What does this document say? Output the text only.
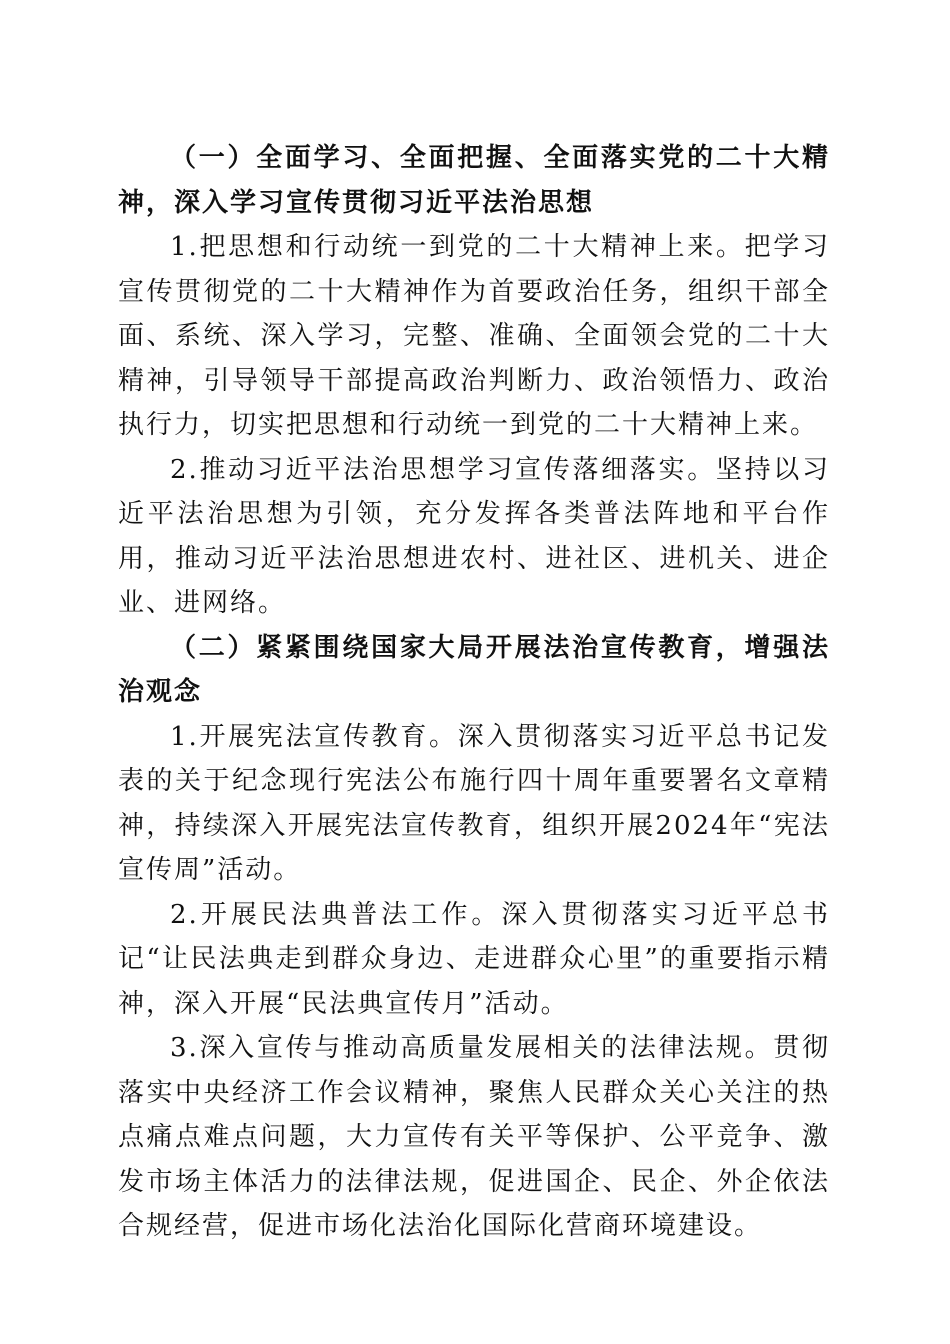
（一）全面学习、全面把握、全面落实党的二十大精神，深入学习宣传贯彻习近平法治思想

1.把思想和行动统一到党的二十大精神上来。把学习宣传贯彻党的二十大精神作为首要政治任务，组织干部全面、系统、深入学习，完整、准确、全面领会党的二十大精神，引导领导干部提高政治判断力、政治领悟力、政治执行力，切实把思想和行动统一到党的二十大精神上来。

2.推动习近平法治思想学习宣传落细落实。坚持以习近平法治思想为引领，充分发挥各类普法阵地和平台作用，推动习近平法治思想进农村、进社区、进机关、进企业、进网络。

（二）紧紧围绕国家大局开展法治宣传教育，增强法治观念

1.开展宪法宣传教育。深入贯彻落实习近平总书记发表的关于纪念现行宪法公布施行四十周年重要署名文章精神，持续深入开展宪法宣传教育，组织开展2024年“宪法宣传周”活动。

2.开展民法典普法工作。深入贯彻落实习近平总书记“让民法典走到群众身边、走进群众心里”的重要指示精神，深入开展“民法典宣传月”活动。

3.深入宣传与推动高质量发展相关的法律法规。贯彻落实中央经济工作会议精神，聚焦人民群众关心关注的热点痛点难点问题，大力宣传有关平等保护、公平竞争、激发市场主体活力的法律法规，促进国企、民企、外企依法合规经营，促进市场化法治化国际化营商环境建设。
